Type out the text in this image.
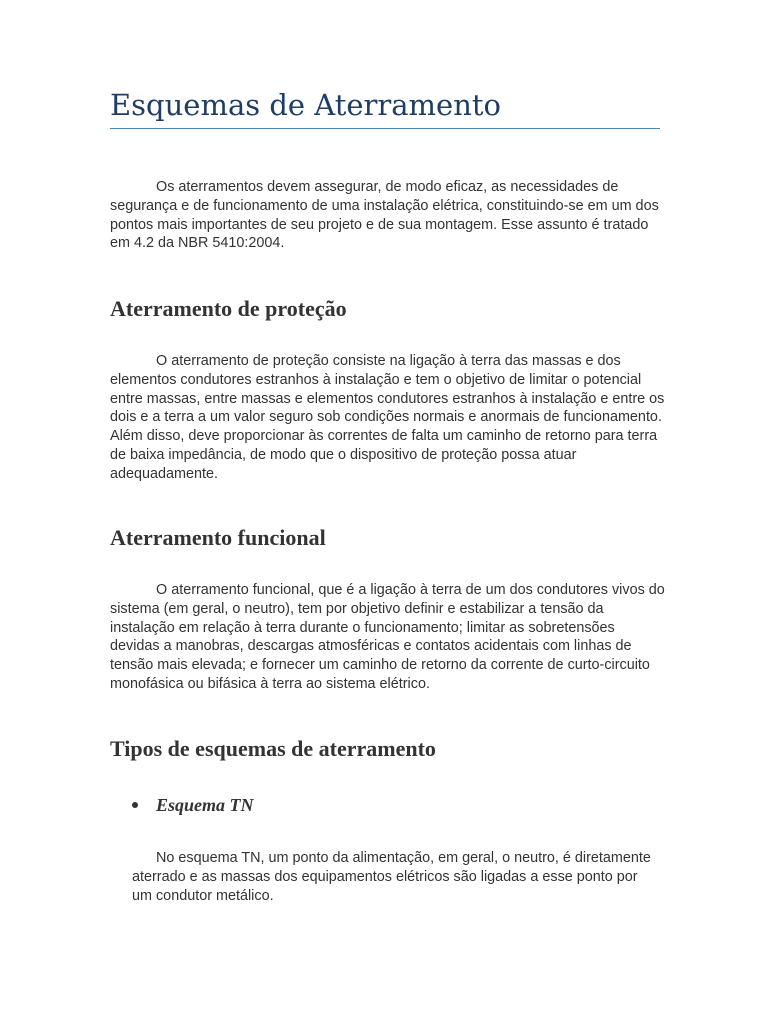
Esquemas de Aterramento

Os aterramentos devem assegurar, de modo eficaz, as necessidades de segurança e de funcionamento de uma instalação elétrica, constituindo-se em um dos pontos mais importantes de seu projeto e de sua montagem. Esse assunto é tratado em 4.2 da NBR 5410:2004.

Aterramento de proteção

O aterramento de proteção consiste na ligação à terra das massas e dos elementos condutores estranhos à instalação e tem o objetivo de limitar o potencial entre massas, entre massas e elementos condutores estranhos à instalação e entre os dois e a terra a um valor seguro sob condições normais e anormais de funcionamento. Além disso, deve proporcionar às correntes de falta um caminho de retorno para terra de baixa impedância, de modo que o dispositivo de proteção possa atuar adequadamente.

Aterramento funcional

O aterramento funcional, que é a ligação à terra de um dos condutores vivos do sistema (em geral, o neutro), tem por objetivo definir e estabilizar a tensão da instalação em relação à terra durante o funcionamento; limitar as sobretensões devidas a manobras, descargas atmosféricas e contatos acidentais com linhas de tensão mais elevada; e fornecer um caminho de retorno da corrente de curto-circuito monofásica ou bifásica à terra ao sistema elétrico.

Tipos de esquemas de aterramento
Esquema TN

No esquema TN, um ponto da alimentação, em geral, o neutro, é diretamente aterrado e as massas dos equipamentos elétricos são ligadas a esse ponto por um condutor metálico.
